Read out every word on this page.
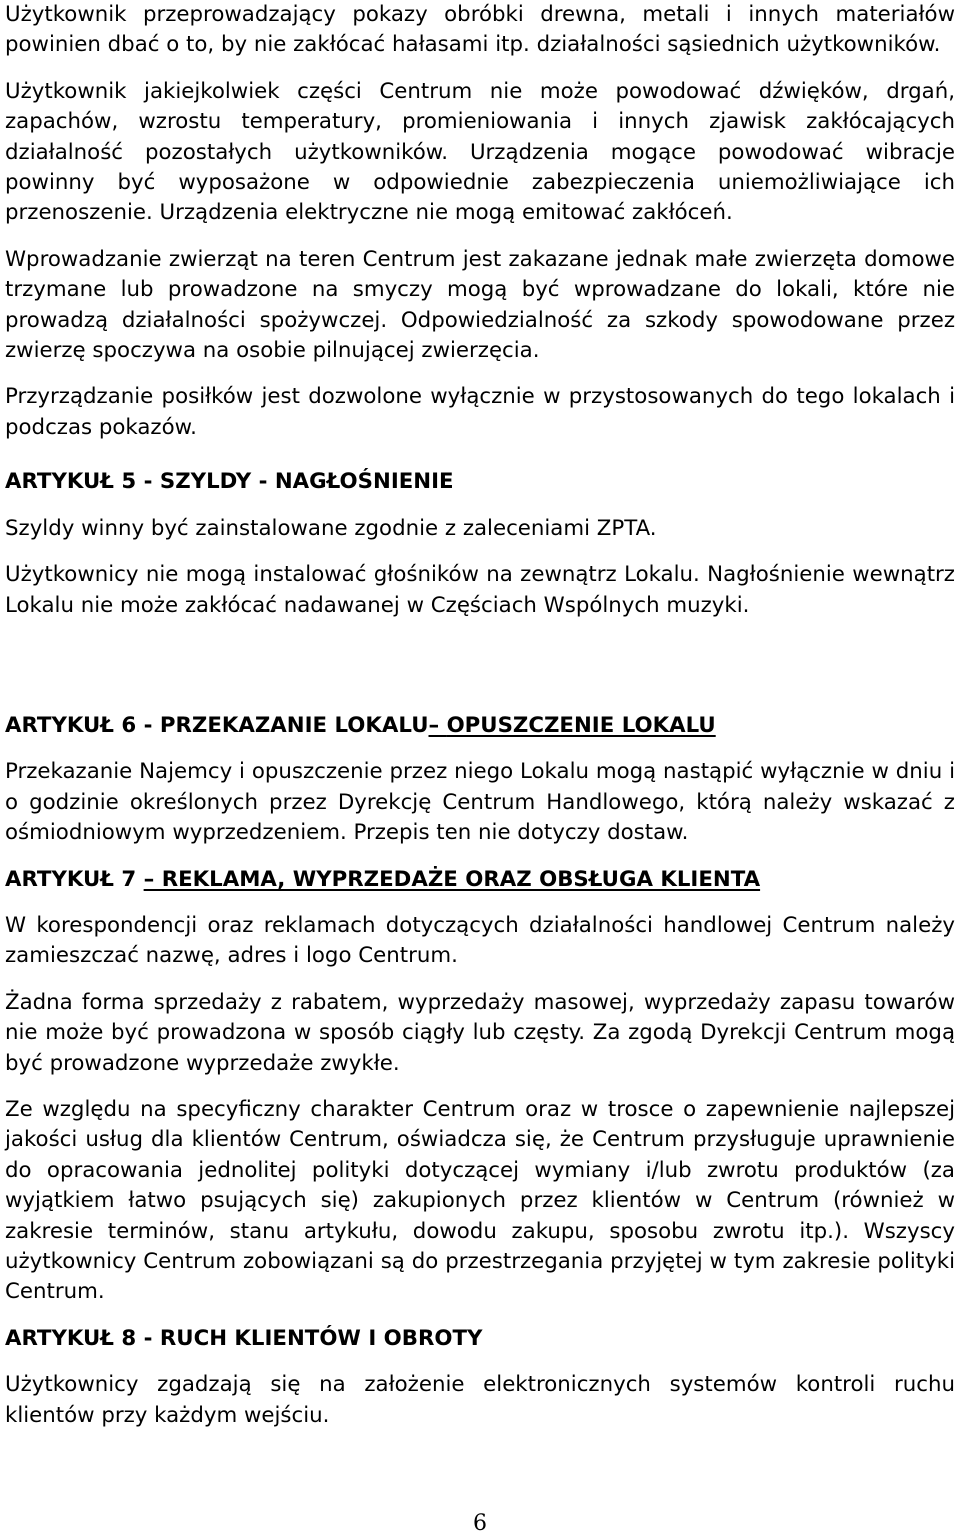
Użytkownik przeprowadzający pokazy obróbki drewna, metali i innych materiałów powinien dbać o to, by nie zakłócać hałasami itp. działalności sąsiednich użytkowników.

Użytkownik jakiejkolwiek części Centrum nie może powodować dźwięków, drgań, zapachów, wzrostu temperatury, promieniowania i innych zjawisk zakłócających działalność pozostałych użytkowników. Urządzenia mogące powodować wibracje powinny być wyposażone w odpowiednie zabezpieczenia uniemożliwiające ich przenoszenie. Urządzenia elektryczne nie mogą emitować zakłóceń.

Wprowadzanie zwierząt na teren Centrum jest zakazane jednak małe zwierzęta domowe trzymane lub prowadzone na smyczy mogą być wprowadzane do lokali, które nie prowadzą działalności spożywczej. Odpowiedzialność za szkody spowodowane przez zwierzę spoczywa na osobie pilnującej zwierzęcia.

Przyrządzanie posiłków jest dozwolone wyłącznie w przystosowanych do tego lokalach i podczas pokazów.

ARTYKUŁ 5 - SZYLDY - NAGŁOŚNIENIE

Szyldy winny być zainstalowane zgodnie z zaleceniami ZPTA.

Użytkownicy nie mogą instalować głośników na zewnątrz Lokalu. Nagłośnienie wewnątrz Lokalu nie może zakłócać nadawanej w Częściach Wspólnych muzyki.

ARTYKUŁ 6 - PRZEKAZANIE LOKALU– OPUSZCZENIE LOKALU

Przekazanie Najemcy i opuszczenie przez niego Lokalu mogą nastąpić wyłącznie w dniu i o godzinie określonych przez Dyrekcję Centrum Handlowego, którą należy wskazać z ośmiodniowym wyprzedzeniem. Przepis ten nie dotyczy dostaw.

ARTYKUŁ 7 – REKLAMA, WYPRZEDAŻE ORAZ OBSŁUGA KLIENTA

W korespondencji oraz reklamach dotyczących działalności handlowej Centrum należy zamieszczać nazwę, adres i logo Centrum.

Żadna forma sprzedaży z rabatem, wyprzedaży masowej, wyprzedaży zapasu towarów nie może być prowadzona w sposób ciągły lub częsty. Za zgodą Dyrekcji Centrum mogą być prowadzone wyprzedaże zwykłe.

Ze względu na specyficzny charakter Centrum oraz w trosce o zapewnienie najlepszej jakości usług dla klientów Centrum, oświadcza się, że Centrum przysługuje uprawnienie do opracowania jednolitej polityki dotyczącej wymiany i/lub zwrotu produktów (za wyjątkiem łatwo psujących się) zakupionych przez klientów w Centrum (również w zakresie terminów, stanu artykułu, dowodu zakupu, sposobu zwrotu itp.). Wszyscy użytkownicy Centrum zobowiązani są do przestrzegania przyjętej w tym zakresie polityki Centrum.

ARTYKUŁ 8 - RUCH KLIENTÓW I OBROTY

Użytkownicy zgadzają się na założenie elektronicznych systemów kontroli ruchu klientów przy każdym wejściu.

6
